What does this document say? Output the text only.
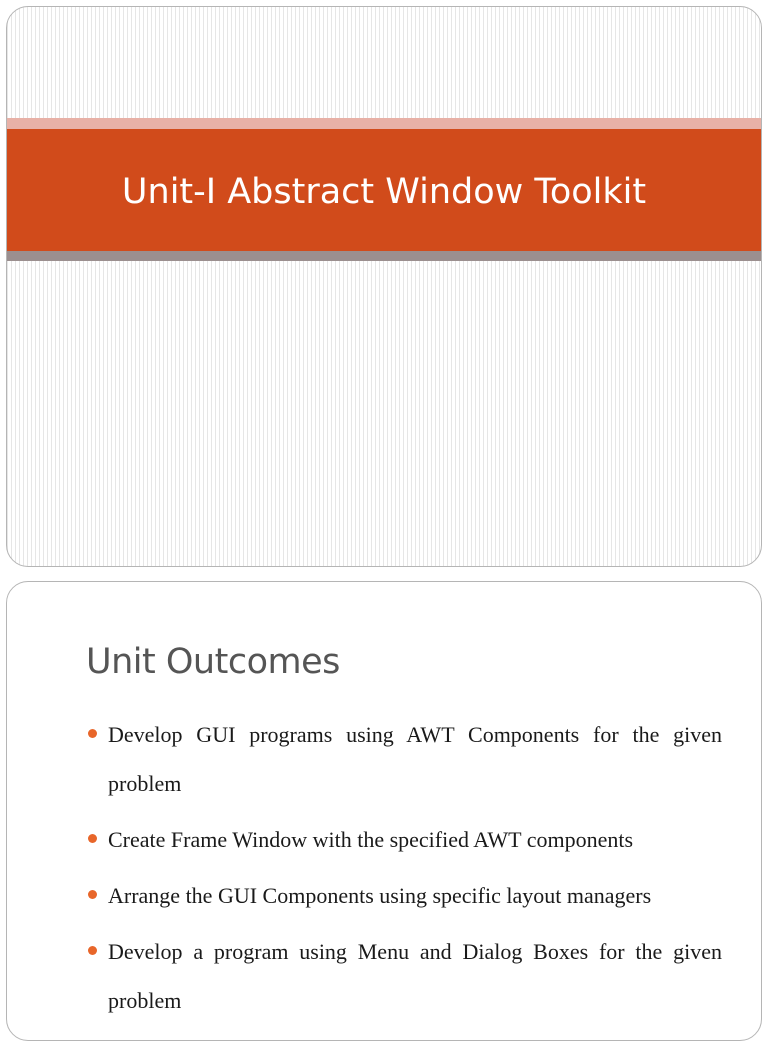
Unit-I Abstract Window Toolkit
Unit Outcomes
Develop GUI programs using AWT Components for the given problem
Create Frame Window with the specified AWT components
Arrange the GUI Components using specific layout managers
Develop a program using Menu and Dialog Boxes for the given problem
